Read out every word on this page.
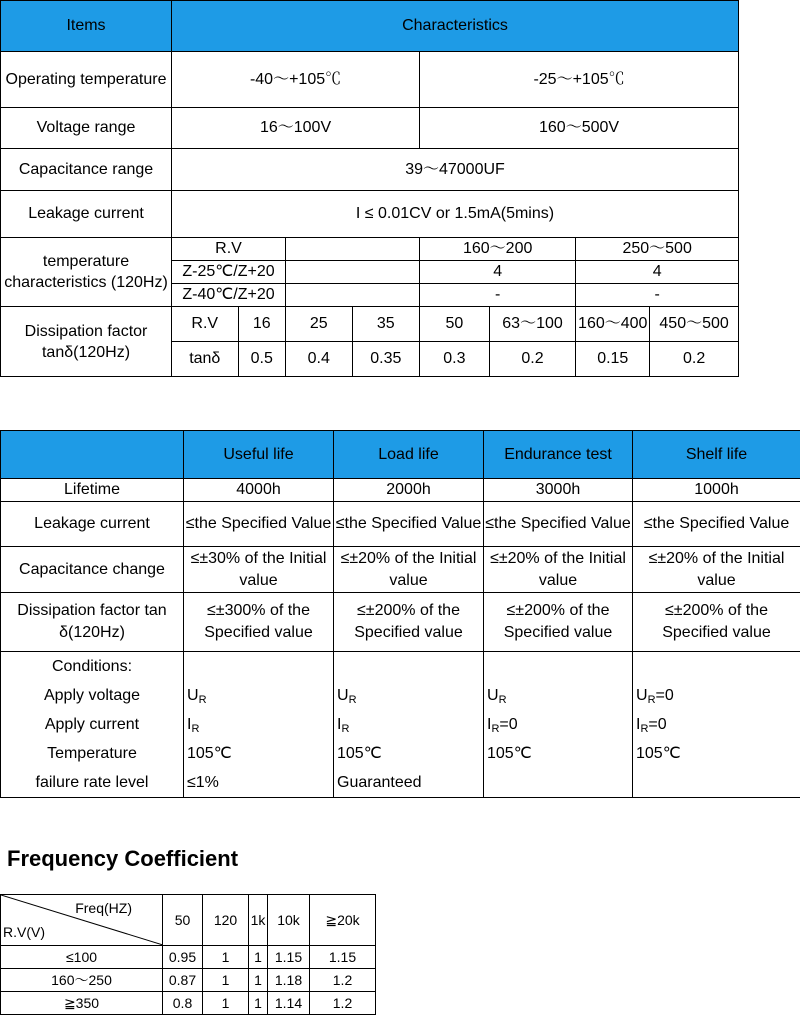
Items	Characteristics							
Operating temperature	-40～+105℃				-25～+105℃			
Voltage range	16～100V				160～500V			
Capacitance range	39～47000UF							
Leakage current	I ≤ 0.01CV or 1.5mA(5mins)							
temperature characteristics (120Hz)	R.V				160～200		250～500	
	Z-25℃/Z+20				4		4	
	Z-40℃/Z+20				-		-	
Dissipation factor tanδ(120Hz)	R.V	16	25	35	50	63～100	160～400	450～500
	tanδ	0.5	0.4	0.35	0.3	0.2	0.15	0.2
	Useful life	Load life	Endurance test	Shelf life
Lifetime	4000h	2000h	3000h	1000h
Leakage current	≤the Specified Value	≤the Specified Value	≤the Specified Value	≤the Specified Value
Capacitance change	≤±30% of the Initial value	≤±20% of the Initial value	≤±20% of the Initial value	≤±20% of the Initial value
Dissipation factor tan δ(120Hz)	≤±300% of the Specified value	≤±200% of the Specified value	≤±200% of the Specified value	≤±200% of the Specified value
Conditions:				
Apply voltage	$U_R$	$U_R$	$U_R$	$U_R=0$
Apply current	$I_R$	$I_R$	$I_R=0$	$I_R=0$
Temperature	105℃	105℃	105℃	105℃
failure rate level	≤1%	Guaranteed		
Frequency Coefficient
Freq(HZ)
R.V(V)	50	120	1k	10k	≧20k
≤100	0.95	1	1	1.15	1.15
160～250	0.87	1	1	1.18	1.2
≧350	0.8	1	1	1.14	1.2
